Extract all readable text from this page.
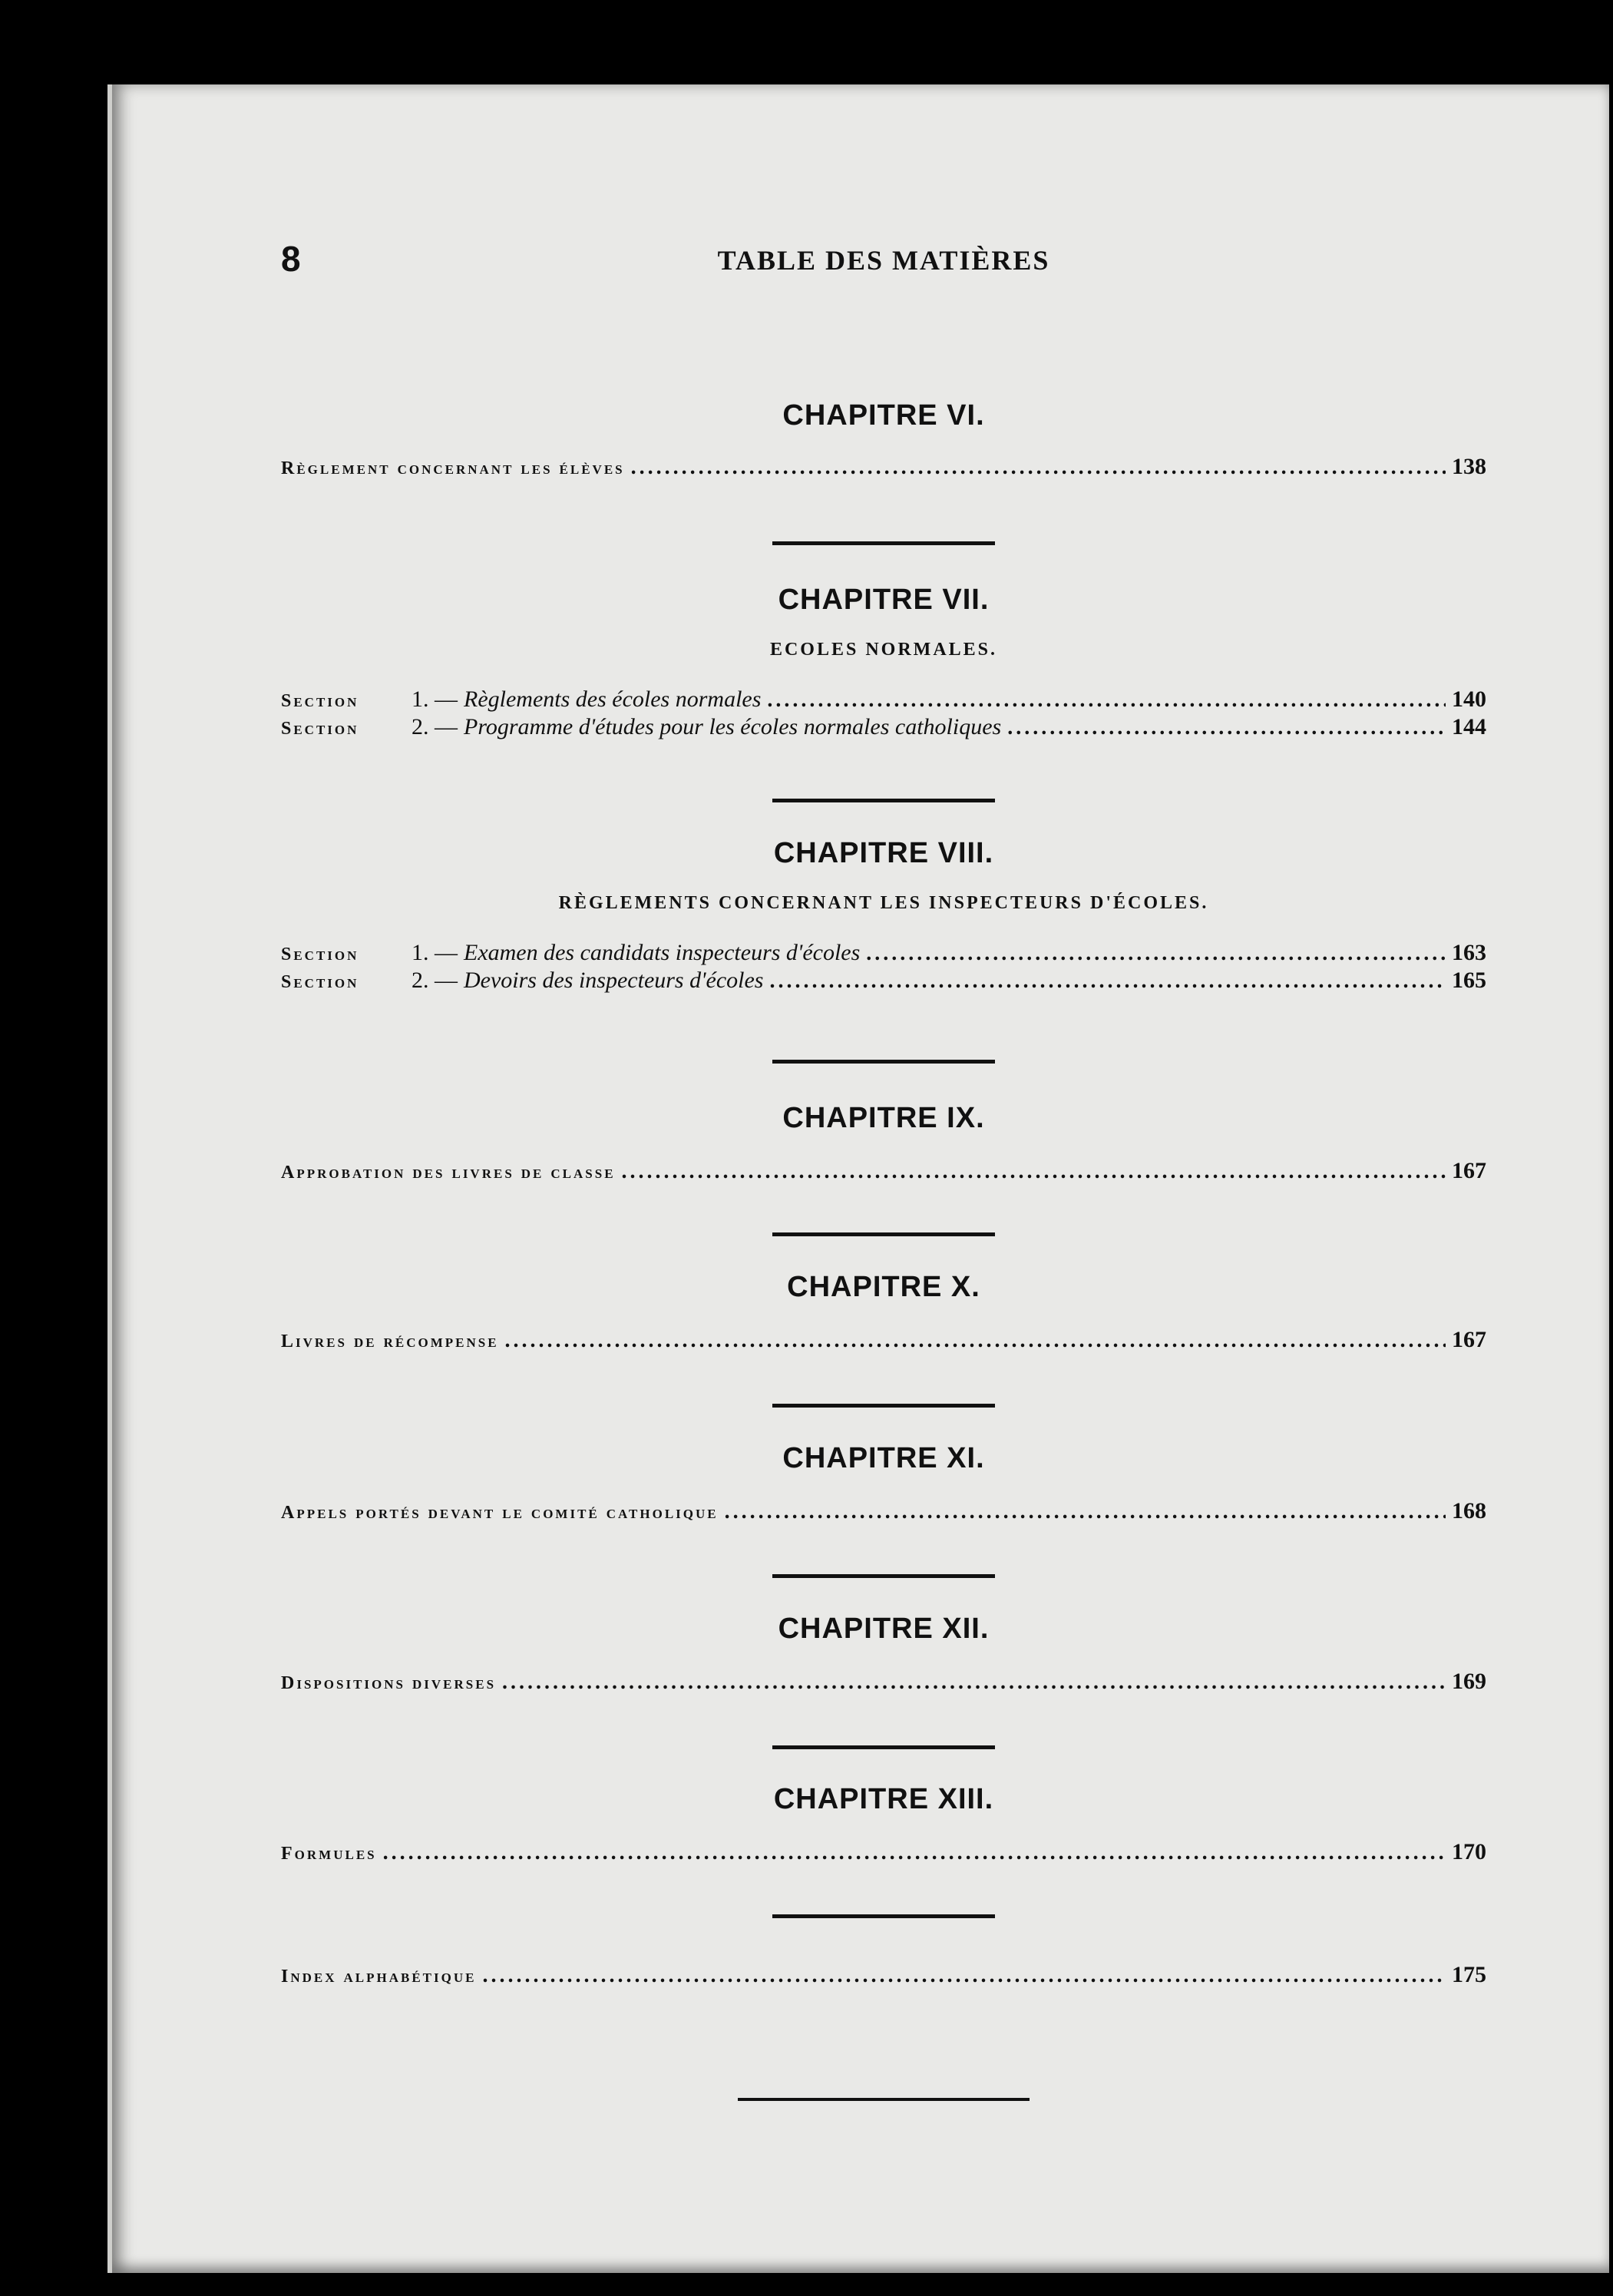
8	TABLE DES MATIÈRES
CHAPITRE VI.
Règlement concernant les élèves .....	138
CHAPITRE VII.
ECOLES NORMALES.
Section	1. — Règlements des écoles normales .....	140
Section	2. — Programme d'études pour les écoles normales catholiques .....	144
CHAPITRE VIII.
RÈGLEMENTS CONCERNANT LES INSPECTEURS D'ÉCOLES.
Section	1. — Examen des candidats inspecteurs d'écoles .....	163
Section	2. — Devoirs des inspecteurs d'écoles .....	165
CHAPITRE IX.
Approbation des livres de classe .....	167
CHAPITRE X.
Livres de récompense .....	167
CHAPITRE XI.
Appels portés devant le comité catholique .....	168
CHAPITRE XII.
Dispositions diverses .....	169
CHAPITRE XIII.
Formules .....	170
Index alphabétique .....	175
